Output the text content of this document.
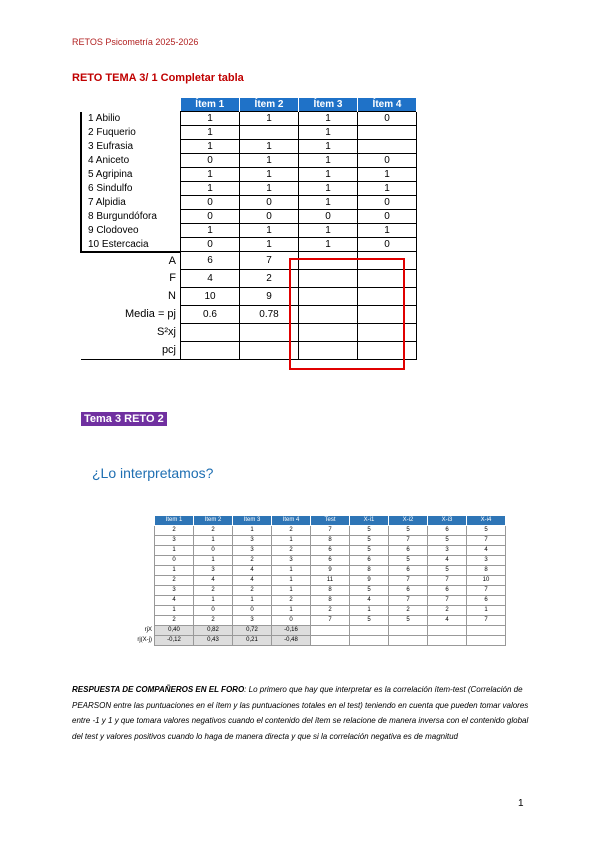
RETOS Psicometría 2025-2026
RETO TEMA 3/ 1 Completar tabla
	Ítem 1	Ítem 2	Ítem 3	Ítem 4
1 Abilio	1	1	1	0
2 Fuquerio	1		1	
3 Eufrasia	1	1	1	
4 Aniceto	0	1	1	0
5 Agripina	1	1	1	1
6 Sindulfo	1	1	1	1
7 Alpidia	0	0	1	0
8 Burgundófora	0	0	0	0
9 Clodoveo	1	1	1	1
10 Estercacia	0	1	1	0
A	6	7		
F	4	2		
N	10	9		
Media = pj	0.6	0.78		
S²xj				
pcj				
Tema 3 RETO 2
¿Lo interpretamos?
	Item 1	Item 2	Item 3	Item 4	Test	X-i1	X-i2	X-i3	X-i4
	2	2	1	2	7	5	5	6	5
	3	1	3	1	8	5	7	5	7
	1	0	3	2	6	5	6	3	4
	0	1	2	3	6	6	5	4	3
	1	3	4	1	9	8	6	5	8
	2	4	4	1	11	9	7	7	10
	3	2	2	1	8	5	6	6	7
	4	1	1	2	8	4	7	7	6
	1	0	0	1	2	1	2	2	1
	2	2	3	0	7	5	5	4	7
rjX	0,40	0,82	0,72	-0,16					
rj(X-j)	-0,12	0,43	0,21	-0,48					
RESPUESTA DE COMPAÑEROS EN EL FORO: Lo primero que hay que interpretar es la correlación ítem-test (Correlación de PEARSON entre las puntuaciones en el ítem y las puntuaciones totales en el test) teniendo en cuenta que pueden tomar valores entre -1 y 1 y que tomara valores negativos cuando el contenido del ítem se relacione de manera inversa con el contenido global del test y valores positivos cuando lo haga de manera directa y que si la correlación negativa es de magnitud
1
